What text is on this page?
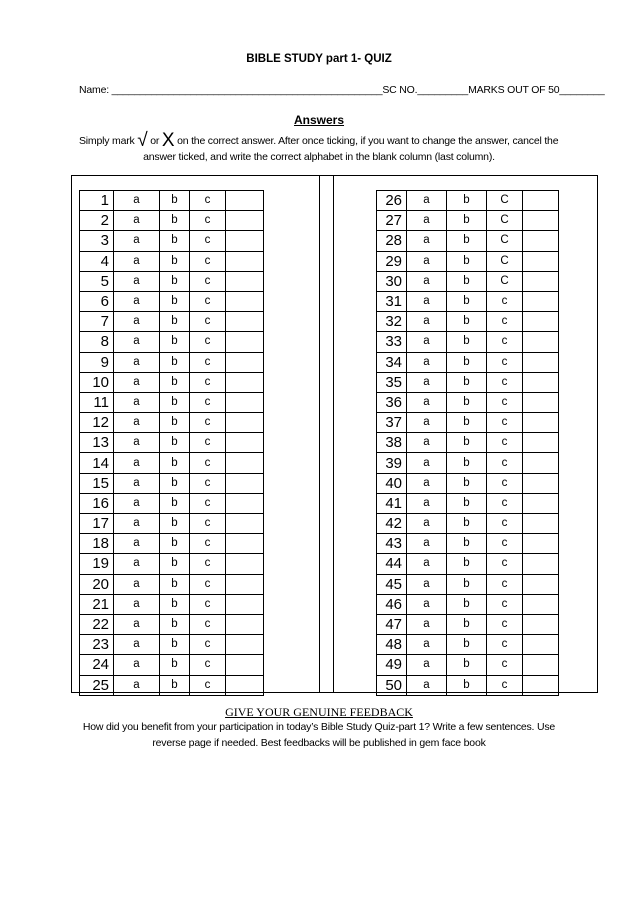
BIBLE STUDY part 1- QUIZ
Name: ________________________________________________SC NO._________MARKS OUT OF 50________
Answers
Simply mark √ or X on the correct answer. After once ticking, if you want to change the answer, cancel the
answer ticked, and write the correct alphabet in the blank column (last column).
1	a	b	c	
2	a	b	c	
3	a	b	c	
4	a	b	c	
5	a	b	c	
6	a	b	c	
7	a	b	c	
8	a	b	c	
9	a	b	c	
10	a	b	c	
11	a	b	c	
12	a	b	c	
13	a	b	c	
14	a	b	c	
15	a	b	c	
16	a	b	c	
17	a	b	c	
18	a	b	c	
19	a	b	c	
20	a	b	c	
21	a	b	c	
22	a	b	c	
23	a	b	c	
24	a	b	c	
25	a	b	c	
26	a	b	C	
27	a	b	C	
28	a	b	C	
29	a	b	C	
30	a	b	C	
31	a	b	c	
32	a	b	c	
33	a	b	c	
34	a	b	c	
35	a	b	c	
36	a	b	c	
37	a	b	c	
38	a	b	c	
39	a	b	c	
40	a	b	c	
41	a	b	c	
42	a	b	c	
43	a	b	c	
44	a	b	c	
45	a	b	c	
46	a	b	c	
47	a	b	c	
48	a	b	c	
49	a	b	c	
50	a	b	c	
GIVE YOUR GENUINE FEEDBACK
How did you benefit from your participation in today’s Bible Study Quiz-part 1? Write a few sentences. Use
reverse page if needed. Best feedbacks will be published in gem face book
